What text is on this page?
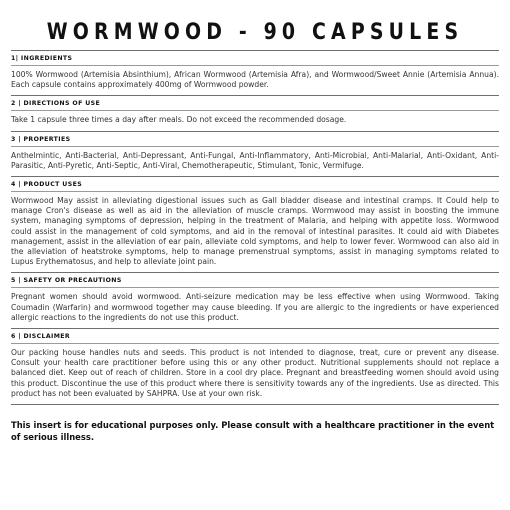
WORMWOOD - 90 CAPSULES
1| INGREDIENTS
100% Wormwood (Artemisia Absinthium), African Wormwood (Artemisia Afra), and Wormwood/Sweet Annie (Artemisia Annua). Each capsule contains approximately 400mg of Wormwood powder.
2 | DIRECTIONS OF USE
Take 1 capsule three times a day after meals. Do not exceed the recommended dosage.
3 | PROPERTIES
Anthelmintic, Anti-Bacterial, Anti-Depressant, Anti-Fungal, Anti-Inflammatory, Anti-Microbial, Anti-Malarial, Anti-Oxidant, Anti-Parasitic, Anti-Pyretic, Anti-Septic, Anti-Viral, Chemotherapeutic, Stimulant, Tonic, Vermifuge.
4 | PRODUCT USES
Wormwood May assist in alleviating digestional issues such as Gall bladder disease and intestinal cramps. It Could help to manage Cron's disease as well as aid in the alleviation of muscle cramps. Wormwood may assist in boosting the immune system, managing symptoms of depression, helping in the treatment of Malaria, and helping with appetite loss. Wormwood could assist in the management of cold symptoms, and aid in the removal of intestinal parasites. It could aid with Diabetes management, assist in the alleviation of ear pain, alleviate cold symptoms, and help to lower fever. Wormwood can also aid in the alleviation of heatstroke symptoms, help to manage premenstrual symptoms, assist in managing symptoms related to Lupus Erythematosus, and help to alleviate joint pain.
5 | SAFETY OR PRECAUTIONS
Pregnant women should avoid wormwood. Anti-seizure medication may be less effective when using Wormwood. Taking Coumadin (Warfarin) and wormwood together may cause bleeding. If you are allergic to the ingredients or have experienced allergic reactions to the ingredients do not use this product.
6 | DISCLAIMER
Our packing house handles nuts and seeds. This product is not intended to diagnose, treat, cure or prevent any disease. Consult your health care practitioner before using this or any other product. Nutritional supplements should not replace a balanced diet. Keep out of reach of children. Store in a cool dry place. Pregnant and breastfeeding women should avoid using this product. Discontinue the use of this product where there is sensitivity towards any of the ingredients. Use as directed. This product has not been evaluated by SAHPRA. Use at your own risk.
This insert is for educational purposes only. Please consult with a healthcare practitioner in the event of serious illness.
